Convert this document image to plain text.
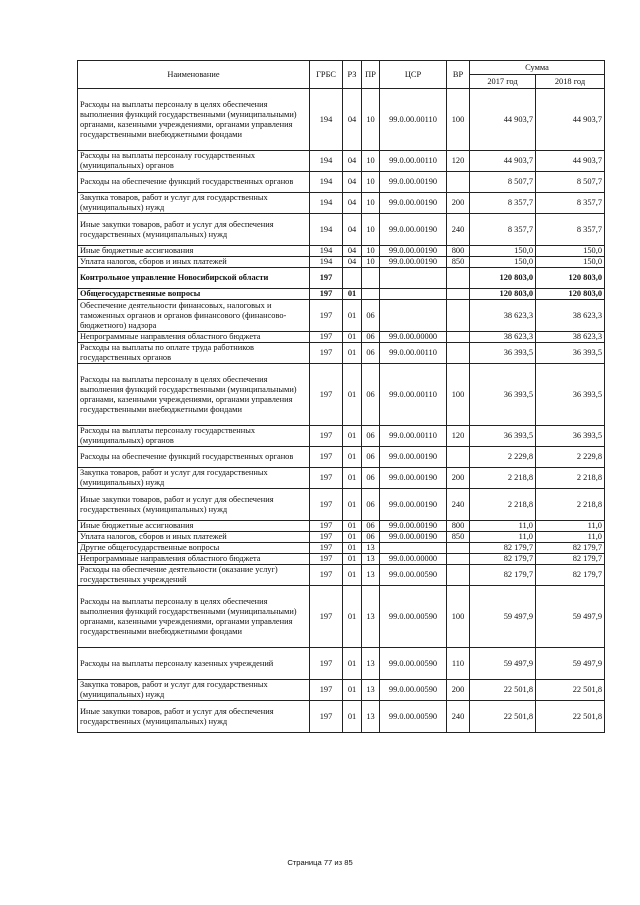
Наименование	ГРБС	РЗ	ПР	ЦСР	ВР	Сумма	
						2017 год	2018 год
Расходы на выплаты персоналу в целях обеспечения выполнения функций государственными (муниципальными) органами, казенными учреждениями, органами управления государственными внебюджетными фондами	194	04	10	99.0.00.00110	100	44 903,7	44 903,7
Расходы на выплаты персоналу государственных (муниципальных) органов	194	04	10	99.0.00.00110	120	44 903,7	44 903,7
Расходы на обеспечение функций государственных органов	194	04	10	99.0.00.00190		8 507,7	8 507,7
Закупка товаров, работ и услуг для государственных (муниципальных) нужд	194	04	10	99.0.00.00190	200	8 357,7	8 357,7
Иные закупки товаров, работ и услуг для обеспечения государственных (муниципальных) нужд	194	04	10	99.0.00.00190	240	8 357,7	8 357,7
Иные бюджетные ассигнования	194	04	10	99.0.00.00190	800	150,0	150,0
Уплата налогов, сборов и иных платежей	194	04	10	99.0.00.00190	850	150,0	150,0
Контрольное управление Новосибирской области	197					120 803,0	120 803,0
Общегосударственные вопросы	197	01				120 803,0	120 803,0
Обеспечение деятельности финансовых, налоговых и таможенных органов и органов финансового (финансово-бюджетного) надзора	197	01	06			38 623,3	38 623,3
Непрограммные направления областного бюджета	197	01	06	99.0.00.00000		38 623,3	38 623,3
Расходы на выплаты по оплате труда работников государственных органов	197	01	06	99.0.00.00110		36 393,5	36 393,5
Расходы на выплаты персоналу в целях обеспечения выполнения функций государственными (муниципальными) органами, казенными учреждениями, органами управления государственными внебюджетными фондами	197	01	06	99.0.00.00110	100	36 393,5	36 393,5
Расходы на выплаты персоналу государственных (муниципальных) органов	197	01	06	99.0.00.00110	120	36 393,5	36 393,5
Расходы на обеспечение функций государственных органов	197	01	06	99.0.00.00190		2 229,8	2 229,8
Закупка товаров, работ и услуг для государственных (муниципальных) нужд	197	01	06	99.0.00.00190	200	2 218,8	2 218,8
Иные закупки товаров, работ и услуг для обеспечения государственных (муниципальных) нужд	197	01	06	99.0.00.00190	240	2 218,8	2 218,8
Иные бюджетные ассигнования	197	01	06	99.0.00.00190	800	11,0	11,0
Уплата налогов, сборов и иных платежей	197	01	06	99.0.00.00190	850	11,0	11,0
Другие общегосударственные вопросы	197	01	13			82 179,7	82 179,7
Непрограммные направления областного бюджета	197	01	13	99.0.00.00000		82 179,7	82 179,7
Расходы на обеспечение деятельности (оказание услуг) государственных учреждений	197	01	13	99.0.00.00590		82 179,7	82 179,7
Расходы на выплаты персоналу в целях обеспечения выполнения функций государственными (муниципальными) органами, казенными учреждениями, органами управления государственными внебюджетными фондами	197	01	13	99.0.00.00590	100	59 497,9	59 497,9
Расходы на выплаты персоналу казенных учреждений	197	01	13	99.0.00.00590	110	59 497,9	59 497,9
Закупка товаров, работ и услуг для государственных (муниципальных) нужд	197	01	13	99.0.00.00590	200	22 501,8	22 501,8
Иные закупки товаров, работ и услуг для обеспечения государственных (муниципальных) нужд	197	01	13	99.0.00.00590	240	22 501,8	22 501,8
Страница 77 из 85
